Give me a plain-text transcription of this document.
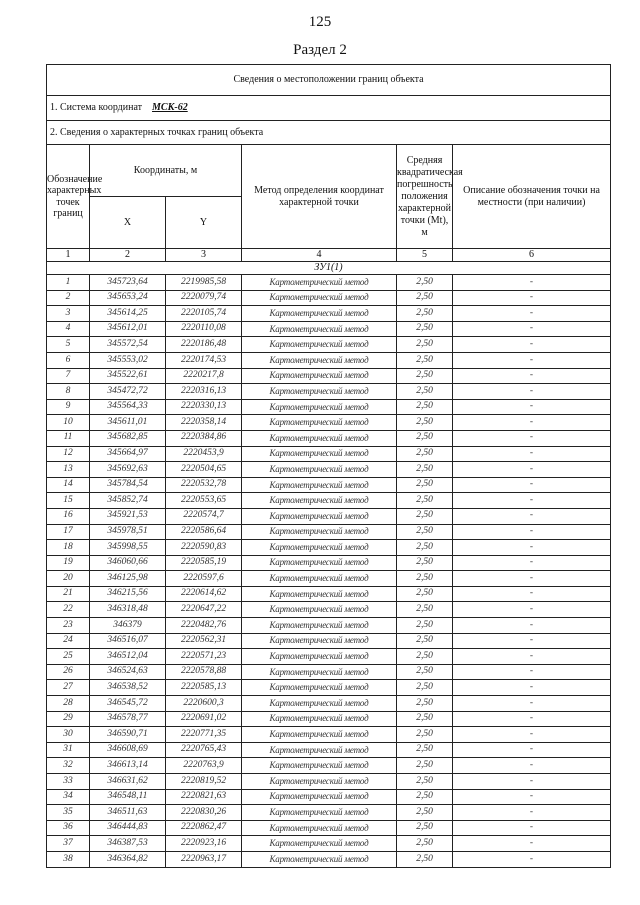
125
Раздел 2
Сведения о местоположении границ объекта					
1. Система координат МСК-62					
2. Сведения о характерных точках границ объекта					
Обозначение характерных точек границ	Координаты, м		Метод определения координат характерной точки	Средняя квадратическая погрешность положения характерной точки (Mt), м	Описание обозначения точки на местности (при наличии)
	X	Y			
1	2	3	4	5	6
ЗУ1(1)					
1	345723,64	2219985,58	Картометрический метод	2,50	-
2	345653,24	2220079,74	Картометрический метод	2,50	-
3	345614,25	2220105,74	Картометрический метод	2,50	-
4	345612,01	2220110,08	Картометрический метод	2,50	-
5	345572,54	2220186,48	Картометрический метод	2,50	-
6	345553,02	2220174,53	Картометрический метод	2,50	-
7	345522,61	2220217,8	Картометрический метод	2,50	-
8	345472,72	2220316,13	Картометрический метод	2,50	-
9	345564,33	2220330,13	Картометрический метод	2,50	-
10	345611,01	2220358,14	Картометрический метод	2,50	-
11	345682,85	2220384,86	Картометрический метод	2,50	-
12	345664,97	2220453,9	Картометрический метод	2,50	-
13	345692,63	2220504,65	Картометрический метод	2,50	-
14	345784,54	2220532,78	Картометрический метод	2,50	-
15	345852,74	2220553,65	Картометрический метод	2,50	-
16	345921,53	2220574,7	Картометрический метод	2,50	-
17	345978,51	2220586,64	Картометрический метод	2,50	-
18	345998,55	2220590,83	Картометрический метод	2,50	-
19	346060,66	2220585,19	Картометрический метод	2,50	-
20	346125,98	2220597,6	Картометрический метод	2,50	-
21	346215,56	2220614,62	Картометрический метод	2,50	-
22	346318,48	2220647,22	Картометрический метод	2,50	-
23	346379	2220482,76	Картометрический метод	2,50	-
24	346516,07	2220562,31	Картометрический метод	2,50	-
25	346512,04	2220571,23	Картометрический метод	2,50	-
26	346524,63	2220578,88	Картометрический метод	2,50	-
27	346538,52	2220585,13	Картометрический метод	2,50	-
28	346545,72	2220600,3	Картометрический метод	2,50	-
29	346578,77	2220691,02	Картометрический метод	2,50	-
30	346590,71	2220771,35	Картометрический метод	2,50	-
31	346608,69	2220765,43	Картометрический метод	2,50	-
32	346613,14	2220763,9	Картометрический метод	2,50	-
33	346631,62	2220819,52	Картометрический метод	2,50	-
34	346548,11	2220821,63	Картометрический метод	2,50	-
35	346511,63	2220830,26	Картометрический метод	2,50	-
36	346444,83	2220862,47	Картометрический метод	2,50	-
37	346387,53	2220923,16	Картометрический метод	2,50	-
38	346364,82	2220963,17	Картометрический метод	2,50	-
